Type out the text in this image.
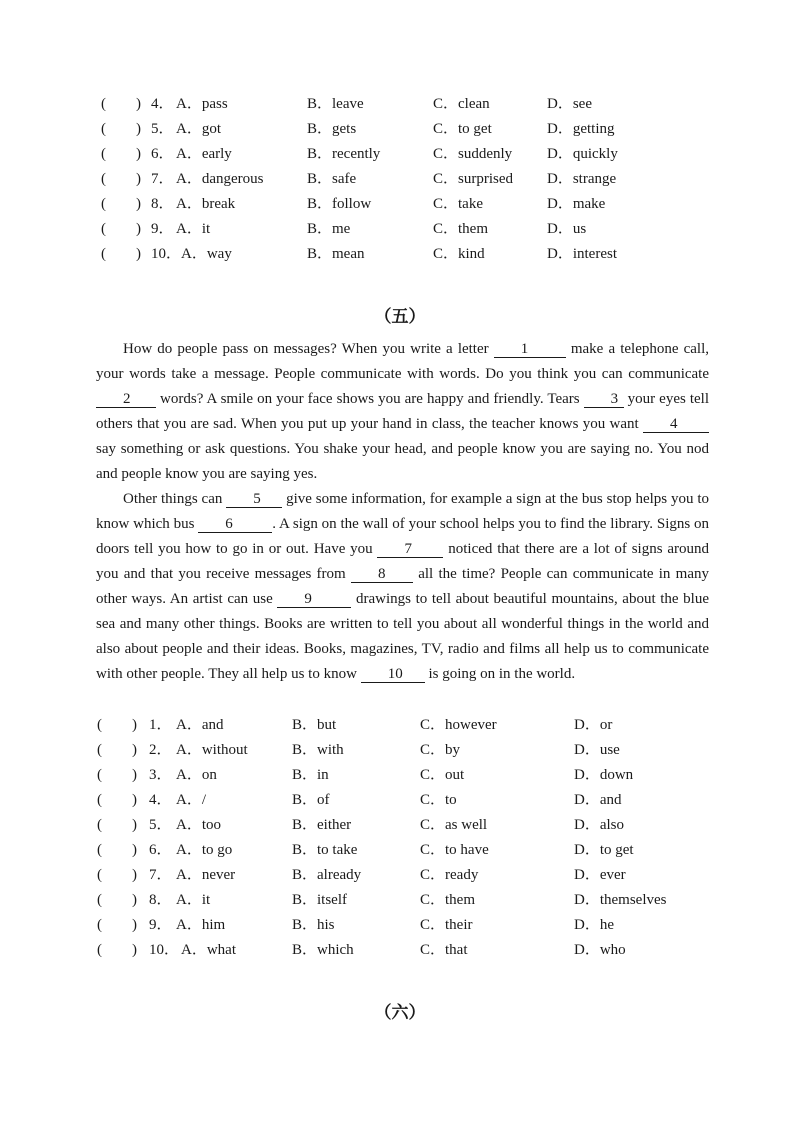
(　　) 4． A．pass	B．leave	C．clean	D．see
(　　) 5． A．got	B．gets	C．to get	D．getting
(　　) 6． A．early	B．recently	C．suddenly D．quickly
(　　) 7． A．dangerous	B．safe	C．surprised D．strange
(　　) 8． A．break	B．follow	C．take	D．make
(　　) 9． A．it	B．me	C．them	D．us
(　　) 10． A．way	B．mean	C．kind	D．interest
（五）

How do people pass on messages? When you write a letter 1	make a telephone call, your words take a message. People communicate with words. Do you think you can communicate 2 words? A smile on your face shows you are happy and friendly. Tears 3 your eyes tell others that you are sad. When you put up your hand in class, the teacher knows you want 4 say something or ask questions. You shake your head, and people know you are saying no. You nod and people know you are saying yes.

Other things can 5 give some information, for example a sign at the bus stop helps you to know which bus 6	. A sign on the wall of your school helps you to find the library. Signs on doors tell you how to go in or out. Have you 7 noticed that there are a lot of signs around you and that you receive messages from 8 all the time? People can communicate in many other ways. An artist can use 9	drawings to tell about beautiful mountains, about the blue sea and many other things. Books are written to tell you about all wonderful things in the world and also about people and their ideas. Books, magazines, TV, radio and films all help us to communicate with other people. They all help us to know 10 is going on in the world.

(　　) 1． A．and	B．but	C．however	D．or
(　　) 2． A．without	B．with	C．by	D．use
(　　) 3． A．on	B．in	C．out	D．down
(　　) 4． A．/	B．of	C．to	D．and
(　　) 5． A．too	B．either	C．as well	D．also
(　　) 6． A．to go	B．to take	C．to have	D．to get
(　　) 7． A．never	B．already	C．ready	D．ever
(　　) 8． A．it	B．itself	C．them	D．themselves
(　　) 9． A．him	B．his	C．their	D．he
(　　) 10． A．what	B．which	C．that	D．who
（六）
